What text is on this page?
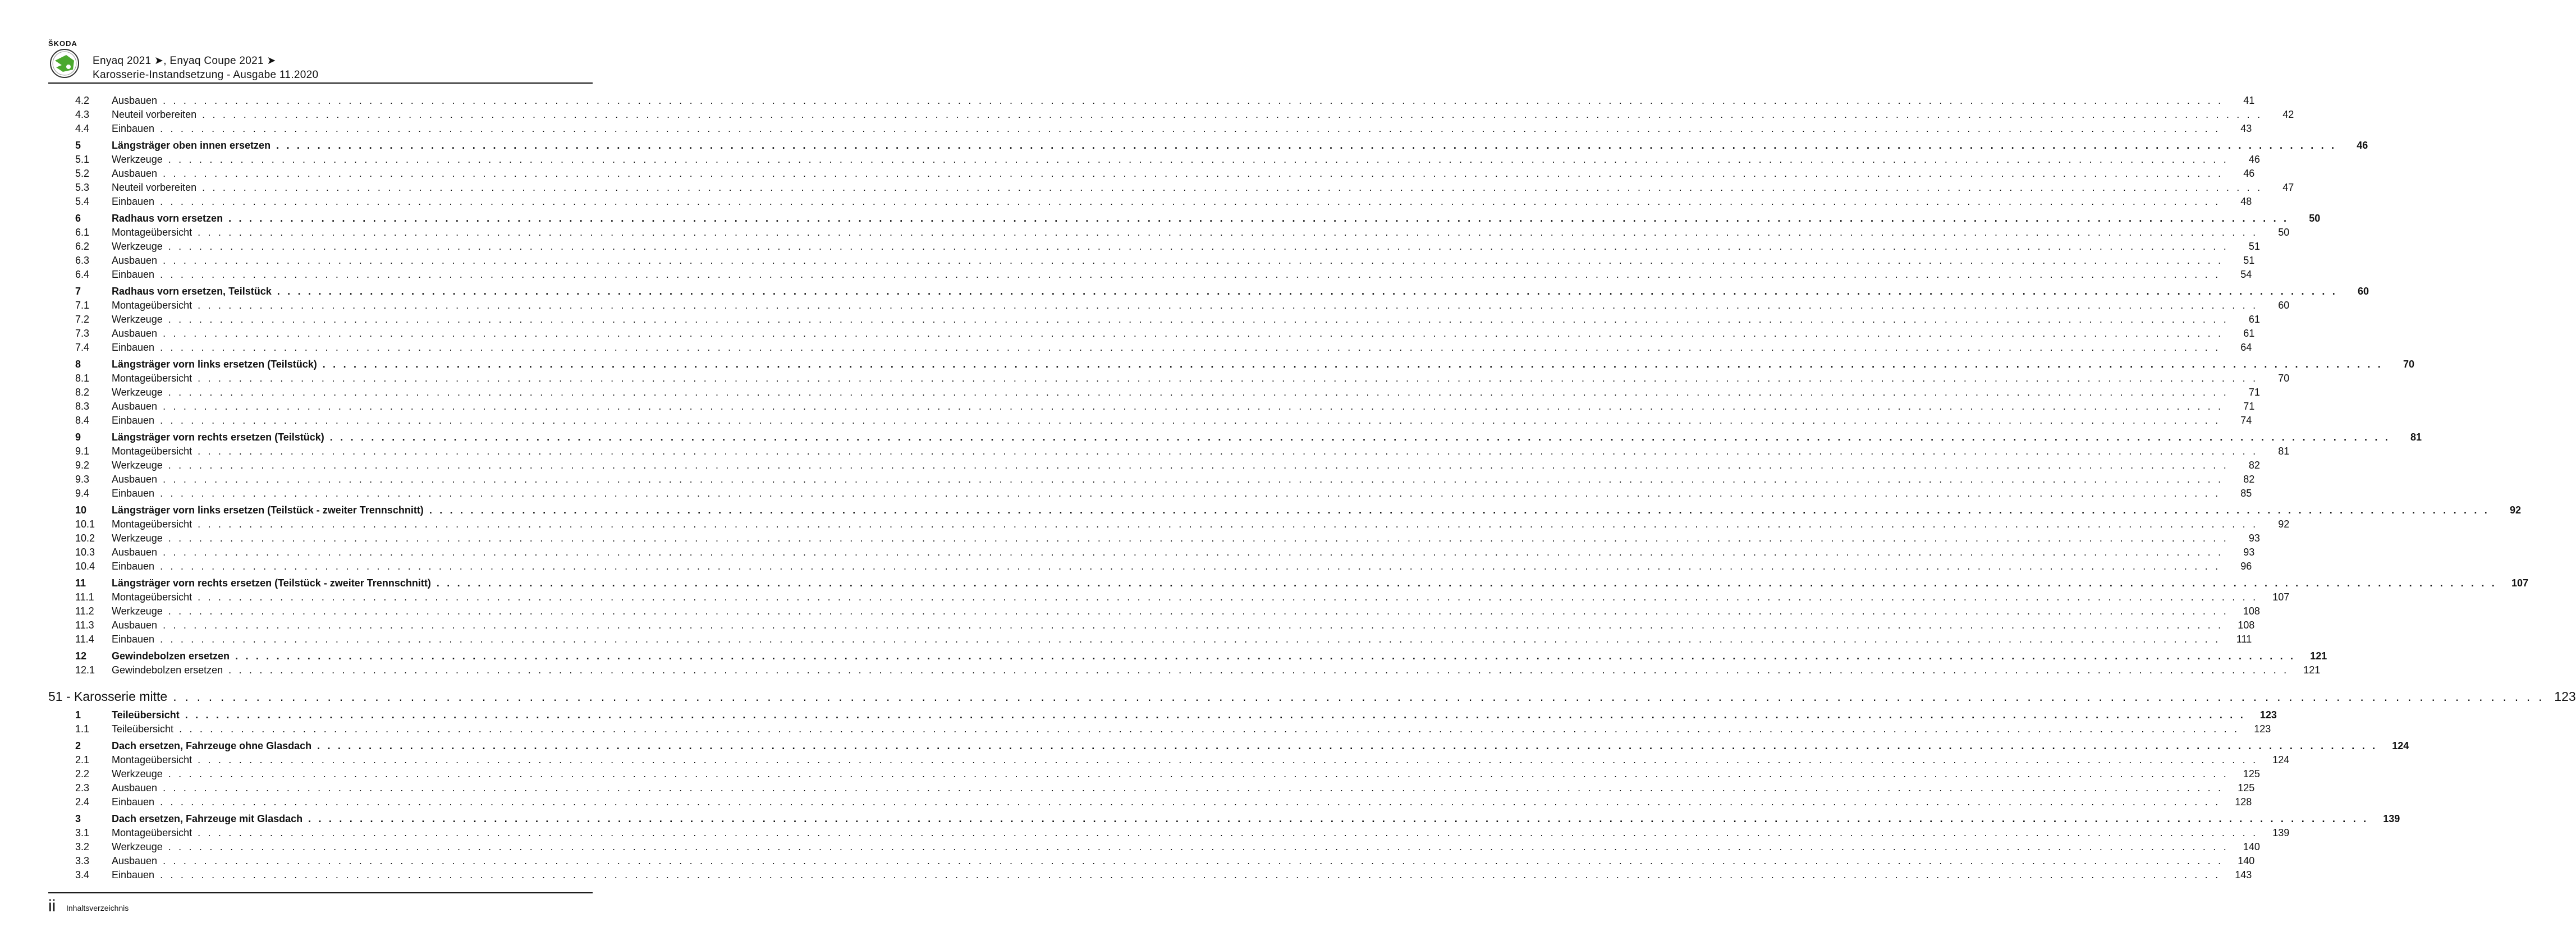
ŠKODA
Enyaq 2021 ➤, Enyaq Coupe 2021 ➤
Karosserie-Instandsetzung - Ausgabe 11.2020
4.2	Ausbauen . . . . . . . . . . . . . . . . . . . . . . . . . . . . . . . . . . . . . . . . . . . . . . . . . . . . . . . . . . . . . . . . . . . . . . . . . . . . . . . . . . . . . . . . . . . . . . . . . . . . . . . . . . . . . . . . . . . . . . . . . . . . . . . . . . . . . . . . . . . . . . . . . . . . . . . . . . . . . . . . . . . . . . . . . . . . . . . . . . . . . . . . . . . . . . . . . . . . . . . .	41
4.3	Neuteil vorbereiten . . . . . . . . . . . . . . . . . . . . . . . . . . . . . . . . . . . . . . . . . . . . . . . . . . . . . . . . . . . . . . . . . . . . . . . . . . . . . . . . . . . . . . . . . . . . . . . . . . . . . . . . . . . . . . . . . . . . . . . . . . . . . . . . . . . . . . . . . . . . . . . . . . . . . . . . . . . . . . . . . . . . . . . . . . . . . . . . . . . . . . . . . . . . . . . . . . . . . . . .	42
4.4	Einbauen . . . . . . . . . . . . . . . . . . . . . . . . . . . . . . . . . . . . . . . . . . . . . . . . . . . . . . . . . . . . . . . . . . . . . . . . . . . . . . . . . . . . . . . . . . . . . . . . . . . . . . . . . . . . . . . . . . . . . . . . . . . . . . . . . . . . . . . . . . . . . . . . . . . . . . . . . . . . . . . . . . . . . . . . . . . . . . . . . . . . . . . . . . . . . . . . . . . . . . . .	43
5	Längsträger oben innen ersetzen . . . . . . . . . . . . . . . . . . . . . . . . . . . . . . . . . . . . . . . . . . . . . . . . . . . . . . . . . . . . . . . . . . . . . . . . . . . . . . . . . . . . . . . . . . . . . . . . . . . . . . . . . . . . . . . . . . . . . . . . . . . . . . . . . . . . . . . . . . . . . . . . . . . . . . . . . . . . . . . . . . . . . . . . . . . . . . . . . . . . . . . . . . . . . . . . . . . . . . . .	46
5.1	Werkzeuge . . . . . . . . . . . . . . . . . . . . . . . . . . . . . . . . . . . . . . . . . . . . . . . . . . . . . . . . . . . . . . . . . . . . . . . . . . . . . . . . . . . . . . . . . . . . . . . . . . . . . . . . . . . . . . . . . . . . . . . . . . . . . . . . . . . . . . . . . . . . . . . . . . . . . . . . . . . . . . . . . . . . . . . . . . . . . . . . . . . . . . . . . . . . . . . . . . . . . . . .	46
5.2	Ausbauen . . . . . . . . . . . . . . . . . . . . . . . . . . . . . . . . . . . . . . . . . . . . . . . . . . . . . . . . . . . . . . . . . . . . . . . . . . . . . . . . . . . . . . . . . . . . . . . . . . . . . . . . . . . . . . . . . . . . . . . . . . . . . . . . . . . . . . . . . . . . . . . . . . . . . . . . . . . . . . . . . . . . . . . . . . . . . . . . . . . . . . . . . . . . . . . . . . . . . . . .	46
5.3	Neuteil vorbereiten . . . . . . . . . . . . . . . . . . . . . . . . . . . . . . . . . . . . . . . . . . . . . . . . . . . . . . . . . . . . . . . . . . . . . . . . . . . . . . . . . . . . . . . . . . . . . . . . . . . . . . . . . . . . . . . . . . . . . . . . . . . . . . . . . . . . . . . . . . . . . . . . . . . . . . . . . . . . . . . . . . . . . . . . . . . . . . . . . . . . . . . . . . . . . . . . . . . . . . . .	47
5.4	Einbauen . . . . . . . . . . . . . . . . . . . . . . . . . . . . . . . . . . . . . . . . . . . . . . . . . . . . . . . . . . . . . . . . . . . . . . . . . . . . . . . . . . . . . . . . . . . . . . . . . . . . . . . . . . . . . . . . . . . . . . . . . . . . . . . . . . . . . . . . . . . . . . . . . . . . . . . . . . . . . . . . . . . . . . . . . . . . . . . . . . . . . . . . . . . . . . . . . . . . . . . .	48
6	Radhaus vorn ersetzen . . . . . . . . . . . . . . . . . . . . . . . . . . . . . . . . . . . . . . . . . . . . . . . . . . . . . . . . . . . . . . . . . . . . . . . . . . . . . . . . . . . . . . . . . . . . . . . . . . . . . . . . . . . . . . . . . . . . . . . . . . . . . . . . . . . . . . . . . . . . . . . . . . . . . . . . . . . . . . . . . . . . . . . . . . . . . . . . . . . . . . . . . . . . . . . . . . . . . . . .	50
6.1	Montageübersicht . . . . . . . . . . . . . . . . . . . . . . . . . . . . . . . . . . . . . . . . . . . . . . . . . . . . . . . . . . . . . . . . . . . . . . . . . . . . . . . . . . . . . . . . . . . . . . . . . . . . . . . . . . . . . . . . . . . . . . . . . . . . . . . . . . . . . . . . . . . . . . . . . . . . . . . . . . . . . . . . . . . . . . . . . . . . . . . . . . . . . . . . . . . . . . . . . . . . . . . .	50
6.2	Werkzeuge . . . . . . . . . . . . . . . . . . . . . . . . . . . . . . . . . . . . . . . . . . . . . . . . . . . . . . . . . . . . . . . . . . . . . . . . . . . . . . . . . . . . . . . . . . . . . . . . . . . . . . . . . . . . . . . . . . . . . . . . . . . . . . . . . . . . . . . . . . . . . . . . . . . . . . . . . . . . . . . . . . . . . . . . . . . . . . . . . . . . . . . . . . . . . . . . . . . . . . . .	51
6.3	Ausbauen . . . . . . . . . . . . . . . . . . . . . . . . . . . . . . . . . . . . . . . . . . . . . . . . . . . . . . . . . . . . . . . . . . . . . . . . . . . . . . . . . . . . . . . . . . . . . . . . . . . . . . . . . . . . . . . . . . . . . . . . . . . . . . . . . . . . . . . . . . . . . . . . . . . . . . . . . . . . . . . . . . . . . . . . . . . . . . . . . . . . . . . . . . . . . . . . . . . . . . . .	51
6.4	Einbauen . . . . . . . . . . . . . . . . . . . . . . . . . . . . . . . . . . . . . . . . . . . . . . . . . . . . . . . . . . . . . . . . . . . . . . . . . . . . . . . . . . . . . . . . . . . . . . . . . . . . . . . . . . . . . . . . . . . . . . . . . . . . . . . . . . . . . . . . . . . . . . . . . . . . . . . . . . . . . . . . . . . . . . . . . . . . . . . . . . . . . . . . . . . . . . . . . . . . . . . .	54
7	Radhaus vorn ersetzen, Teilstück . . . . . . . . . . . . . . . . . . . . . . . . . . . . . . . . . . . . . . . . . . . . . . . . . . . . . . . . . . . . . . . . . . . . . . . . . . . . . . . . . . . . . . . . . . . . . . . . . . . . . . . . . . . . . . . . . . . . . . . . . . . . . . . . . . . . . . . . . . . . . . . . . . . . . . . . . . . . . . . . . . . . . . . . . . . . . . . . . . . . . . . . . . . . . . . . . . . . . . . .	60
7.1	Montageübersicht . . . . . . . . . . . . . . . . . . . . . . . . . . . . . . . . . . . . . . . . . . . . . . . . . . . . . . . . . . . . . . . . . . . . . . . . . . . . . . . . . . . . . . . . . . . . . . . . . . . . . . . . . . . . . . . . . . . . . . . . . . . . . . . . . . . . . . . . . . . . . . . . . . . . . . . . . . . . . . . . . . . . . . . . . . . . . . . . . . . . . . . . . . . . . . . . . . . . . . . .	60
7.2	Werkzeuge . . . . . . . . . . . . . . . . . . . . . . . . . . . . . . . . . . . . . . . . . . . . . . . . . . . . . . . . . . . . . . . . . . . . . . . . . . . . . . . . . . . . . . . . . . . . . . . . . . . . . . . . . . . . . . . . . . . . . . . . . . . . . . . . . . . . . . . . . . . . . . . . . . . . . . . . . . . . . . . . . . . . . . . . . . . . . . . . . . . . . . . . . . . . . . . . . . . . . . . .	61
7.3	Ausbauen . . . . . . . . . . . . . . . . . . . . . . . . . . . . . . . . . . . . . . . . . . . . . . . . . . . . . . . . . . . . . . . . . . . . . . . . . . . . . . . . . . . . . . . . . . . . . . . . . . . . . . . . . . . . . . . . . . . . . . . . . . . . . . . . . . . . . . . . . . . . . . . . . . . . . . . . . . . . . . . . . . . . . . . . . . . . . . . . . . . . . . . . . . . . . . . . . . . . . . . .	61
7.4	Einbauen . . . . . . . . . . . . . . . . . . . . . . . . . . . . . . . . . . . . . . . . . . . . . . . . . . . . . . . . . . . . . . . . . . . . . . . . . . . . . . . . . . . . . . . . . . . . . . . . . . . . . . . . . . . . . . . . . . . . . . . . . . . . . . . . . . . . . . . . . . . . . . . . . . . . . . . . . . . . . . . . . . . . . . . . . . . . . . . . . . . . . . . . . . . . . . . . . . . . . . . .	64
8	Längsträger vorn links ersetzen (Teilstück) . . . . . . . . . . . . . . . . . . . . . . . . . . . . . . . . . . . . . . . . . . . . . . . . . . . . . . . . . . . . . . . . . . . . . . . . . . . . . . . . . . . . . . . . . . . . . . . . . . . . . . . . . . . . . . . . . . . . . . . . . . . . . . . . . . . . . . . . . . . . . . . . . . . . . . . . . . . . . . . . . . . . . . . . . . . . . . . . . . . . . . . . . . . . . . . . . . . . . . . .	70
8.1	Montageübersicht . . . . . . . . . . . . . . . . . . . . . . . . . . . . . . . . . . . . . . . . . . . . . . . . . . . . . . . . . . . . . . . . . . . . . . . . . . . . . . . . . . . . . . . . . . . . . . . . . . . . . . . . . . . . . . . . . . . . . . . . . . . . . . . . . . . . . . . . . . . . . . . . . . . . . . . . . . . . . . . . . . . . . . . . . . . . . . . . . . . . . . . . . . . . . . . . . . . . . . . .	70
8.2	Werkzeuge . . . . . . . . . . . . . . . . . . . . . . . . . . . . . . . . . . . . . . . . . . . . . . . . . . . . . . . . . . . . . . . . . . . . . . . . . . . . . . . . . . . . . . . . . . . . . . . . . . . . . . . . . . . . . . . . . . . . . . . . . . . . . . . . . . . . . . . . . . . . . . . . . . . . . . . . . . . . . . . . . . . . . . . . . . . . . . . . . . . . . . . . . . . . . . . . . . . . . . . .	71
8.3	Ausbauen . . . . . . . . . . . . . . . . . . . . . . . . . . . . . . . . . . . . . . . . . . . . . . . . . . . . . . . . . . . . . . . . . . . . . . . . . . . . . . . . . . . . . . . . . . . . . . . . . . . . . . . . . . . . . . . . . . . . . . . . . . . . . . . . . . . . . . . . . . . . . . . . . . . . . . . . . . . . . . . . . . . . . . . . . . . . . . . . . . . . . . . . . . . . . . . . . . . . . . . .	71
8.4	Einbauen . . . . . . . . . . . . . . . . . . . . . . . . . . . . . . . . . . . . . . . . . . . . . . . . . . . . . . . . . . . . . . . . . . . . . . . . . . . . . . . . . . . . . . . . . . . . . . . . . . . . . . . . . . . . . . . . . . . . . . . . . . . . . . . . . . . . . . . . . . . . . . . . . . . . . . . . . . . . . . . . . . . . . . . . . . . . . . . . . . . . . . . . . . . . . . . . . . . . . . . .	74
9	Längsträger vorn rechts ersetzen (Teilstück) . . . . . . . . . . . . . . . . . . . . . . . . . . . . . . . . . . . . . . . . . . . . . . . . . . . . . . . . . . . . . . . . . . . . . . . . . . . . . . . . . . . . . . . . . . . . . . . . . . . . . . . . . . . . . . . . . . . . . . . . . . . . . . . . . . . . . . . . . . . . . . . . . . . . . . . . . . . . . . . . . . . . . . . . . . . . . . . . . . . . . . . . . . . . . . . . . . . . . . . .	81
9.1	Montageübersicht . . . . . . . . . . . . . . . . . . . . . . . . . . . . . . . . . . . . . . . . . . . . . . . . . . . . . . . . . . . . . . . . . . . . . . . . . . . . . . . . . . . . . . . . . . . . . . . . . . . . . . . . . . . . . . . . . . . . . . . . . . . . . . . . . . . . . . . . . . . . . . . . . . . . . . . . . . . . . . . . . . . . . . . . . . . . . . . . . . . . . . . . . . . . . . . . . . . . . . . .	81
9.2	Werkzeuge . . . . . . . . . . . . . . . . . . . . . . . . . . . . . . . . . . . . . . . . . . . . . . . . . . . . . . . . . . . . . . . . . . . . . . . . . . . . . . . . . . . . . . . . . . . . . . . . . . . . . . . . . . . . . . . . . . . . . . . . . . . . . . . . . . . . . . . . . . . . . . . . . . . . . . . . . . . . . . . . . . . . . . . . . . . . . . . . . . . . . . . . . . . . . . . . . . . . . . . .	82
9.3	Ausbauen . . . . . . . . . . . . . . . . . . . . . . . . . . . . . . . . . . . . . . . . . . . . . . . . . . . . . . . . . . . . . . . . . . . . . . . . . . . . . . . . . . . . . . . . . . . . . . . . . . . . . . . . . . . . . . . . . . . . . . . . . . . . . . . . . . . . . . . . . . . . . . . . . . . . . . . . . . . . . . . . . . . . . . . . . . . . . . . . . . . . . . . . . . . . . . . . . . . . . . . .	82
9.4	Einbauen . . . . . . . . . . . . . . . . . . . . . . . . . . . . . . . . . . . . . . . . . . . . . . . . . . . . . . . . . . . . . . . . . . . . . . . . . . . . . . . . . . . . . . . . . . . . . . . . . . . . . . . . . . . . . . . . . . . . . . . . . . . . . . . . . . . . . . . . . . . . . . . . . . . . . . . . . . . . . . . . . . . . . . . . . . . . . . . . . . . . . . . . . . . . . . . . . . . . . . . .	85
10	Längsträger vorn links ersetzen (Teilstück - zweiter Trennschnitt) . . . . . . . . . . . . . . . . . . . . . . . . . . . . . . . . . . . . . . . . . . . . . . . . . . . . . . . . . . . . . . . . . . . . . . . . . . . . . . . . . . . . . . . . . . . . . . . . . . . . . . . . . . . . . . . . . . . . . . . . . . . . . . . . . . . . . . . . . . . . . . . . . . . . . . . . . . . . . . . . . . . . . . . . . . . . . . . . . . . . . . . . . . . . . . . . . . . . . . . .	92
10.1	Montageübersicht . . . . . . . . . . . . . . . . . . . . . . . . . . . . . . . . . . . . . . . . . . . . . . . . . . . . . . . . . . . . . . . . . . . . . . . . . . . . . . . . . . . . . . . . . . . . . . . . . . . . . . . . . . . . . . . . . . . . . . . . . . . . . . . . . . . . . . . . . . . . . . . . . . . . . . . . . . . . . . . . . . . . . . . . . . . . . . . . . . . . . . . . . . . . . . . . . . . . . . . .	92
10.2	Werkzeuge . . . . . . . . . . . . . . . . . . . . . . . . . . . . . . . . . . . . . . . . . . . . . . . . . . . . . . . . . . . . . . . . . . . . . . . . . . . . . . . . . . . . . . . . . . . . . . . . . . . . . . . . . . . . . . . . . . . . . . . . . . . . . . . . . . . . . . . . . . . . . . . . . . . . . . . . . . . . . . . . . . . . . . . . . . . . . . . . . . . . . . . . . . . . . . . . . . . . . . . .	93
10.3	Ausbauen . . . . . . . . . . . . . . . . . . . . . . . . . . . . . . . . . . . . . . . . . . . . . . . . . . . . . . . . . . . . . . . . . . . . . . . . . . . . . . . . . . . . . . . . . . . . . . . . . . . . . . . . . . . . . . . . . . . . . . . . . . . . . . . . . . . . . . . . . . . . . . . . . . . . . . . . . . . . . . . . . . . . . . . . . . . . . . . . . . . . . . . . . . . . . . . . . . . . . . . .	93
10.4	Einbauen . . . . . . . . . . . . . . . . . . . . . . . . . . . . . . . . . . . . . . . . . . . . . . . . . . . . . . . . . . . . . . . . . . . . . . . . . . . . . . . . . . . . . . . . . . . . . . . . . . . . . . . . . . . . . . . . . . . . . . . . . . . . . . . . . . . . . . . . . . . . . . . . . . . . . . . . . . . . . . . . . . . . . . . . . . . . . . . . . . . . . . . . . . . . . . . . . . . . . . . .	96
11	Längsträger vorn rechts ersetzen (Teilstück - zweiter Trennschnitt) . . . . . . . . . . . . . . . . . . . . . . . . . . . . . . . . . . . . . . . . . . . . . . . . . . . . . . . . . . . . . . . . . . . . . . . . . . . . . . . . . . . . . . . . . . . . . . . . . . . . . . . . . . . . . . . . . . . . . . . . . . . . . . . . . . . . . . . . . . . . . . . . . . . . . . . . . . . . . . . . . . . . . . . . . . . . . . . . . . . . . . . . . . . . . . . . . . . . . . . .	107
11.1	Montageübersicht . . . . . . . . . . . . . . . . . . . . . . . . . . . . . . . . . . . . . . . . . . . . . . . . . . . . . . . . . . . . . . . . . . . . . . . . . . . . . . . . . . . . . . . . . . . . . . . . . . . . . . . . . . . . . . . . . . . . . . . . . . . . . . . . . . . . . . . . . . . . . . . . . . . . . . . . . . . . . . . . . . . . . . . . . . . . . . . . . . . . . . . . . . . . . . . . . . . . . . . .	107
11.2	Werkzeuge . . . . . . . . . . . . . . . . . . . . . . . . . . . . . . . . . . . . . . . . . . . . . . . . . . . . . . . . . . . . . . . . . . . . . . . . . . . . . . . . . . . . . . . . . . . . . . . . . . . . . . . . . . . . . . . . . . . . . . . . . . . . . . . . . . . . . . . . . . . . . . . . . . . . . . . . . . . . . . . . . . . . . . . . . . . . . . . . . . . . . . . . . . . . . . . . . . . . . . . .	108
11.3	Ausbauen . . . . . . . . . . . . . . . . . . . . . . . . . . . . . . . . . . . . . . . . . . . . . . . . . . . . . . . . . . . . . . . . . . . . . . . . . . . . . . . . . . . . . . . . . . . . . . . . . . . . . . . . . . . . . . . . . . . . . . . . . . . . . . . . . . . . . . . . . . . . . . . . . . . . . . . . . . . . . . . . . . . . . . . . . . . . . . . . . . . . . . . . . . . . . . . . . . . . . . . .	108
11.4	Einbauen . . . . . . . . . . . . . . . . . . . . . . . . . . . . . . . . . . . . . . . . . . . . . . . . . . . . . . . . . . . . . . . . . . . . . . . . . . . . . . . . . . . . . . . . . . . . . . . . . . . . . . . . . . . . . . . . . . . . . . . . . . . . . . . . . . . . . . . . . . . . . . . . . . . . . . . . . . . . . . . . . . . . . . . . . . . . . . . . . . . . . . . . . . . . . . . . . . . . . . . .	111
12	Gewindebolzen ersetzen . . . . . . . . . . . . . . . . . . . . . . . . . . . . . . . . . . . . . . . . . . . . . . . . . . . . . . . . . . . . . . . . . . . . . . . . . . . . . . . . . . . . . . . . . . . . . . . . . . . . . . . . . . . . . . . . . . . . . . . . . . . . . . . . . . . . . . . . . . . . . . . . . . . . . . . . . . . . . . . . . . . . . . . . . . . . . . . . . . . . . . . . . . . . . . . . . . . . . . . .	121
12.1	Gewindebolzen ersetzen . . . . . . . . . . . . . . . . . . . . . . . . . . . . . . . . . . . . . . . . . . . . . . . . . . . . . . . . . . . . . . . . . . . . . . . . . . . . . . . . . . . . . . . . . . . . . . . . . . . . . . . . . . . . . . . . . . . . . . . . . . . . . . . . . . . . . . . . . . . . . . . . . . . . . . . . . . . . . . . . . . . . . . . . . . . . . . . . . . . . . . . . . . . . . . . . . . . . . . . .	121
51 - Karosserie mitte . . . . . . . . . . . . . . . . . . . . . . . . . . . . . . . . . . . . . . . . . . . . . . . . . . . . . . . . . . . . . . . . . . . . . . . . . . . . . . . . . . . . . . . . . . . . . . . . . . . . . . . . . . . . . . . . . . . . . . . . . . . . . . . . . . . . . . . . . . . . . . . . . . . . . . . . . . . . . . . . . . . . . . . . . . . . . . . . . . . . . . . . . . . . . . . . . . . . . . . . 123
1	Teileübersicht . . . . . . . . . . . . . . . . . . . . . . . . . . . . . . . . . . . . . . . . . . . . . . . . . . . . . . . . . . . . . . . . . . . . . . . . . . . . . . . . . . . . . . . . . . . . . . . . . . . . . . . . . . . . . . . . . . . . . . . . . . . . . . . . . . . . . . . . . . . . . . . . . . . . . . . . . . . . . . . . . . . . . . . . . . . . . . . . . . . . . . . . . . . . . . . . . . . . . . . .	123
1.1	Teileübersicht . . . . . . . . . . . . . . . . . . . . . . . . . . . . . . . . . . . . . . . . . . . . . . . . . . . . . . . . . . . . . . . . . . . . . . . . . . . . . . . . . . . . . . . . . . . . . . . . . . . . . . . . . . . . . . . . . . . . . . . . . . . . . . . . . . . . . . . . . . . . . . . . . . . . . . . . . . . . . . . . . . . . . . . . . . . . . . . . . . . . . . . . . . . . . . . . . . . . . . . .	123
2	Dach ersetzen, Fahrzeuge ohne Glasdach . . . . . . . . . . . . . . . . . . . . . . . . . . . . . . . . . . . . . . . . . . . . . . . . . . . . . . . . . . . . . . . . . . . . . . . . . . . . . . . . . . . . . . . . . . . . . . . . . . . . . . . . . . . . . . . . . . . . . . . . . . . . . . . . . . . . . . . . . . . . . . . . . . . . . . . . . . . . . . . . . . . . . . . . . . . . . . . . . . . . . . . . . . . . . . . . . . . . . . . .	124
2.1	Montageübersicht . . . . . . . . . . . . . . . . . . . . . . . . . . . . . . . . . . . . . . . . . . . . . . . . . . . . . . . . . . . . . . . . . . . . . . . . . . . . . . . . . . . . . . . . . . . . . . . . . . . . . . . . . . . . . . . . . . . . . . . . . . . . . . . . . . . . . . . . . . . . . . . . . . . . . . . . . . . . . . . . . . . . . . . . . . . . . . . . . . . . . . . . . . . . . . . . . . . . . . . .	124
2.2	Werkzeuge . . . . . . . . . . . . . . . . . . . . . . . . . . . . . . . . . . . . . . . . . . . . . . . . . . . . . . . . . . . . . . . . . . . . . . . . . . . . . . . . . . . . . . . . . . . . . . . . . . . . . . . . . . . . . . . . . . . . . . . . . . . . . . . . . . . . . . . . . . . . . . . . . . . . . . . . . . . . . . . . . . . . . . . . . . . . . . . . . . . . . . . . . . . . . . . . . . . . . . . .	125
2.3	Ausbauen . . . . . . . . . . . . . . . . . . . . . . . . . . . . . . . . . . . . . . . . . . . . . . . . . . . . . . . . . . . . . . . . . . . . . . . . . . . . . . . . . . . . . . . . . . . . . . . . . . . . . . . . . . . . . . . . . . . . . . . . . . . . . . . . . . . . . . . . . . . . . . . . . . . . . . . . . . . . . . . . . . . . . . . . . . . . . . . . . . . . . . . . . . . . . . . . . . . . . . . .	125
2.4	Einbauen . . . . . . . . . . . . . . . . . . . . . . . . . . . . . . . . . . . . . . . . . . . . . . . . . . . . . . . . . . . . . . . . . . . . . . . . . . . . . . . . . . . . . . . . . . . . . . . . . . . . . . . . . . . . . . . . . . . . . . . . . . . . . . . . . . . . . . . . . . . . . . . . . . . . . . . . . . . . . . . . . . . . . . . . . . . . . . . . . . . . . . . . . . . . . . . . . . . . . . . .	128
3	Dach ersetzen, Fahrzeuge mit Glasdach . . . . . . . . . . . . . . . . . . . . . . . . . . . . . . . . . . . . . . . . . . . . . . . . . . . . . . . . . . . . . . . . . . . . . . . . . . . . . . . . . . . . . . . . . . . . . . . . . . . . . . . . . . . . . . . . . . . . . . . . . . . . . . . . . . . . . . . . . . . . . . . . . . . . . . . . . . . . . . . . . . . . . . . . . . . . . . . . . . . . . . . . . . . . . . . . . . . . . . . .	139
3.1	Montageübersicht . . . . . . . . . . . . . . . . . . . . . . . . . . . . . . . . . . . . . . . . . . . . . . . . . . . . . . . . . . . . . . . . . . . . . . . . . . . . . . . . . . . . . . . . . . . . . . . . . . . . . . . . . . . . . . . . . . . . . . . . . . . . . . . . . . . . . . . . . . . . . . . . . . . . . . . . . . . . . . . . . . . . . . . . . . . . . . . . . . . . . . . . . . . . . . . . . . . . . . . .	139
3.2	Werkzeuge . . . . . . . . . . . . . . . . . . . . . . . . . . . . . . . . . . . . . . . . . . . . . . . . . . . . . . . . . . . . . . . . . . . . . . . . . . . . . . . . . . . . . . . . . . . . . . . . . . . . . . . . . . . . . . . . . . . . . . . . . . . . . . . . . . . . . . . . . . . . . . . . . . . . . . . . . . . . . . . . . . . . . . . . . . . . . . . . . . . . . . . . . . . . . . . . . . . . . . . .	140
3.3	Ausbauen . . . . . . . . . . . . . . . . . . . . . . . . . . . . . . . . . . . . . . . . . . . . . . . . . . . . . . . . . . . . . . . . . . . . . . . . . . . . . . . . . . . . . . . . . . . . . . . . . . . . . . . . . . . . . . . . . . . . . . . . . . . . . . . . . . . . . . . . . . . . . . . . . . . . . . . . . . . . . . . . . . . . . . . . . . . . . . . . . . . . . . . . . . . . . . . . . . . . . . . .	140
3.4	Einbauen . . . . . . . . . . . . . . . . . . . . . . . . . . . . . . . . . . . . . . . . . . . . . . . . . . . . . . . . . . . . . . . . . . . . . . . . . . . . . . . . . . . . . . . . . . . . . . . . . . . . . . . . . . . . . . . . . . . . . . . . . . . . . . . . . . . . . . . . . . . . . . . . . . . . . . . . . . . . . . . . . . . . . . . . . . . . . . . . . . . . . . . . . . . . . . . . . . . . . . . .	143
ii Inhaltsverzeichnis
